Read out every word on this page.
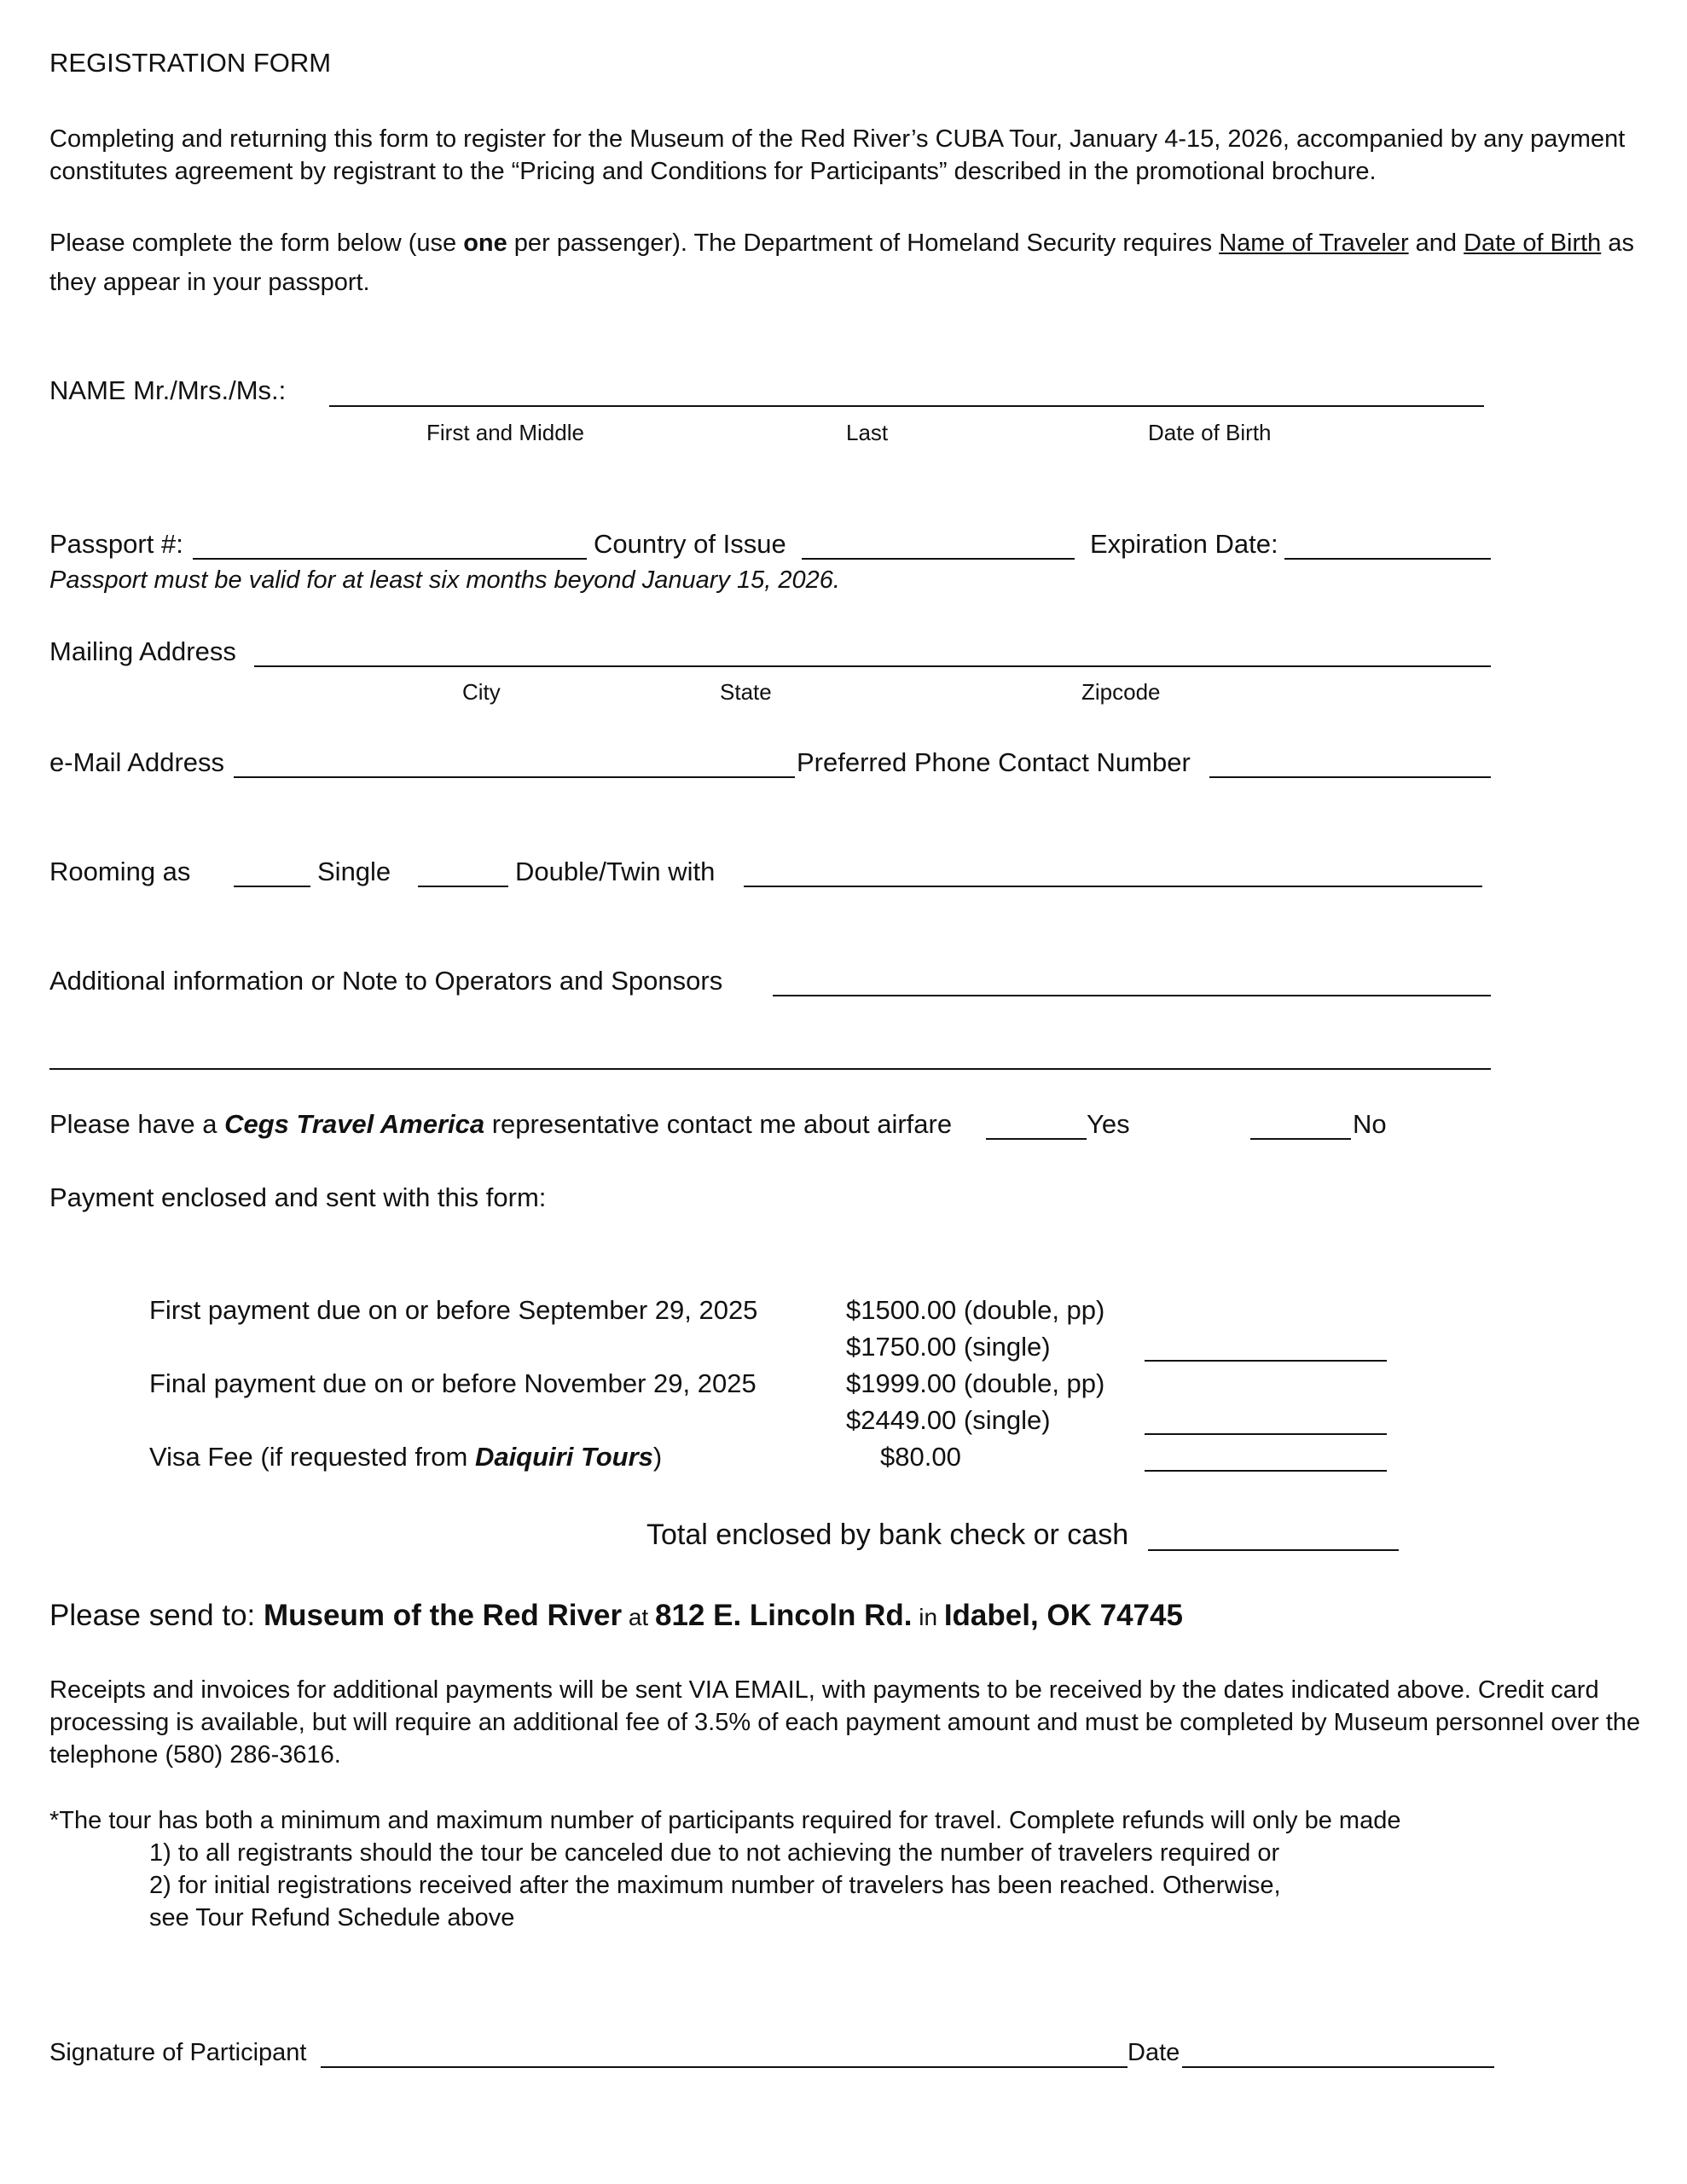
REGISTRATION FORM
Completing and returning this form to register for the Museum of the Red River’s CUBA Tour, January 4-15, 2026, accompanied by any payment constitutes agreement by registrant to the “Pricing and Conditions for Participants” described in the promotional brochure.
Please complete the form below (use one per passenger). The Department of Homeland Security requires Name of Traveler and Date of Birth as they appear in your passport.
NAME Mr./Mrs./Ms.:
First and Middle	Last	Date of Birth
Passport #:	Country of Issue	Expiration Date:
Passport must be valid for at least six months beyond January 15, 2026.
Mailing Address
City	State	Zipcode
e-Mail Address	Preferred Phone Contact Number
Rooming as	Single	Double/Twin with
Additional information or Note to Operators and Sponsors
Please have a Cegs Travel America representative contact me about airfare	Yes	No
Payment enclosed and sent with this form:
First payment due on or before September 29, 2025	$1500.00 (double, pp)
$1750.00 (single)
Final payment due on or before November 29, 2025	$1999.00 (double, pp)
$2449.00 (single)
Visa Fee (if requested from Daiquiri Tours)	$80.00
Total enclosed by bank check or cash
Please send to: Museum of the Red River at 812 E. Lincoln Rd. in Idabel, OK 74745
Receipts and invoices for additional payments will be sent VIA EMAIL, with payments to be received by the dates indicated above. Credit card processing is available, but will require an additional fee of 3.5% of each payment amount and must be completed by Museum personnel over the telephone (580) 286-3616.
*The tour has both a minimum and maximum number of participants required for travel. Complete refunds will only be made
1) to all registrants should the tour be canceled due to not achieving the number of travelers required or
2) for initial registrations received after the maximum number of travelers has been reached. Otherwise,
see Tour Refund Schedule above
Signature of Participant	Date
